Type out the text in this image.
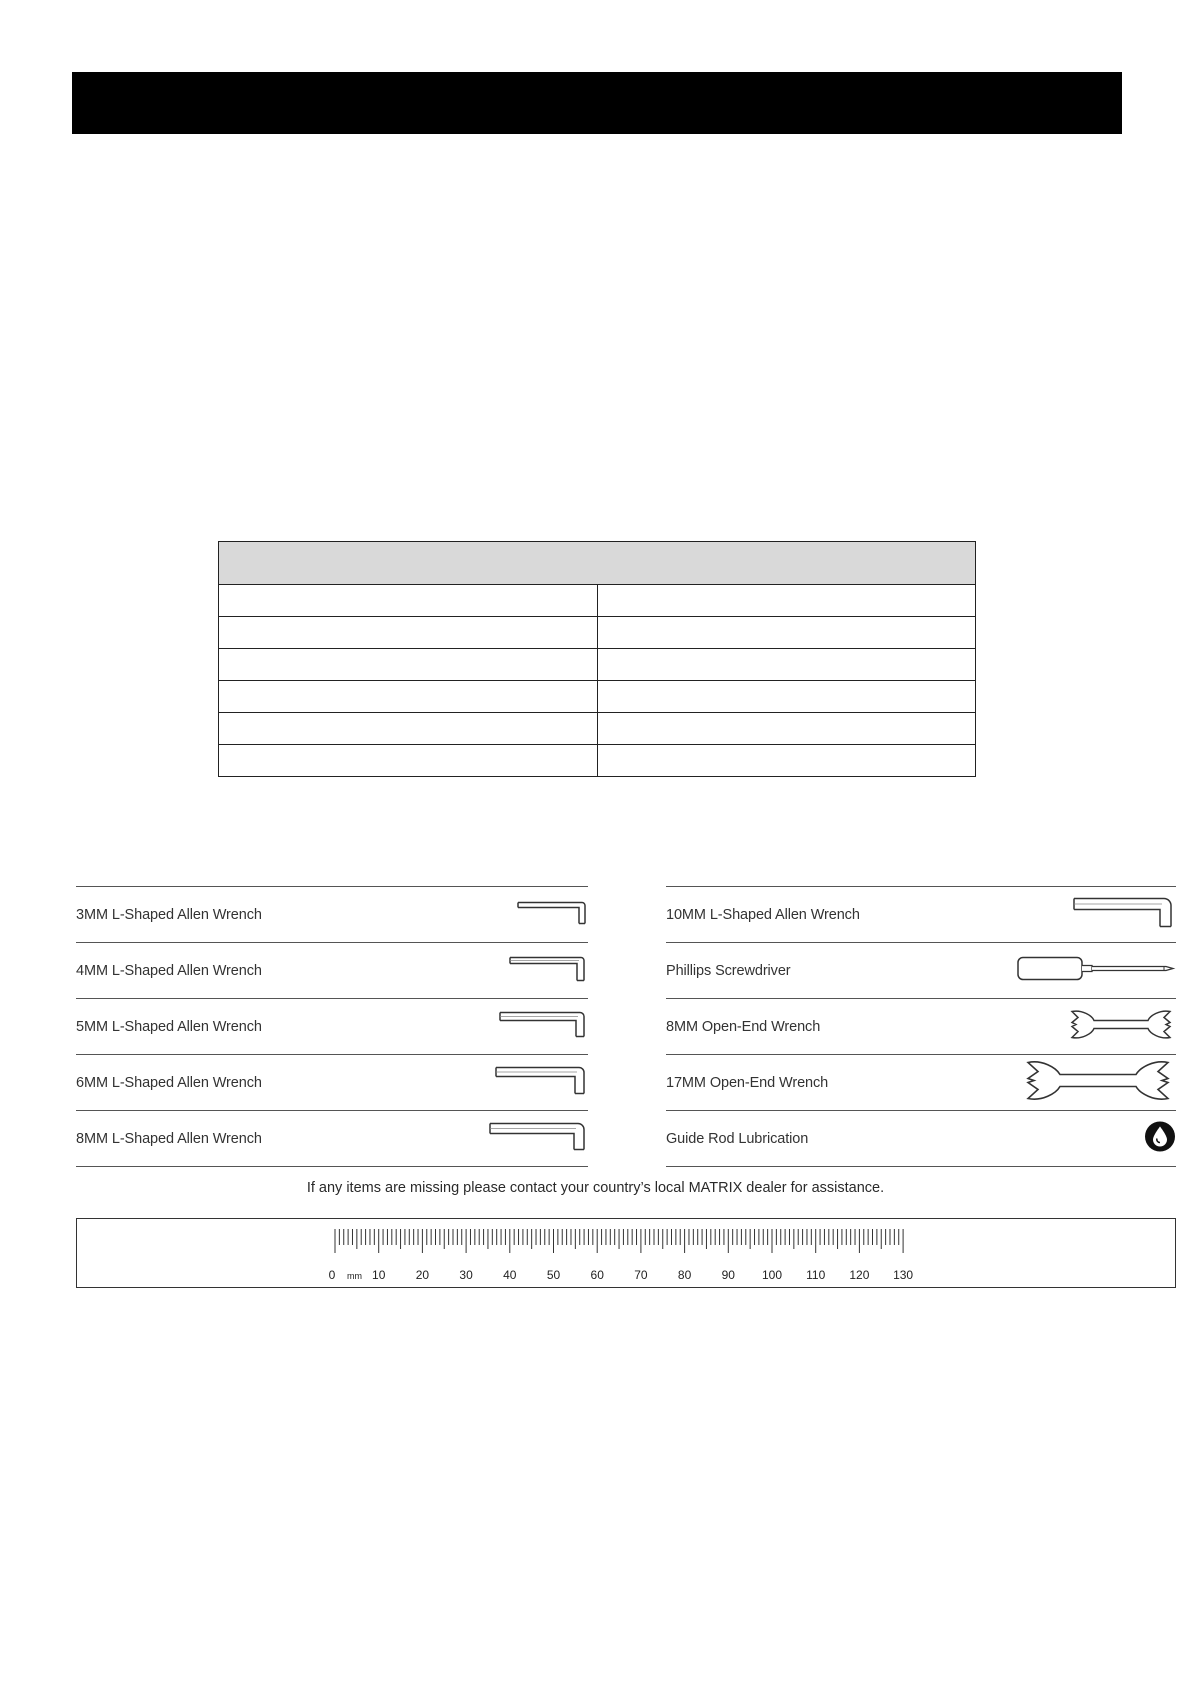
3MM L-Shaped Allen Wrench
4MM L-Shaped Allen Wrench
5MM L-Shaped Allen Wrench
6MM L-Shaped Allen Wrench
8MM L-Shaped Allen Wrench
10MM L-Shaped Allen Wrench
Phillips Screwdriver
8MM Open-End Wrench
17MM Open-End Wrench
Guide Rod Lubrication
If any items are missing please contact your country’s local MATRIX dealer for assistance.
0 mm 10	20	30	40	50	60	70	80	90 100 110 120 130
